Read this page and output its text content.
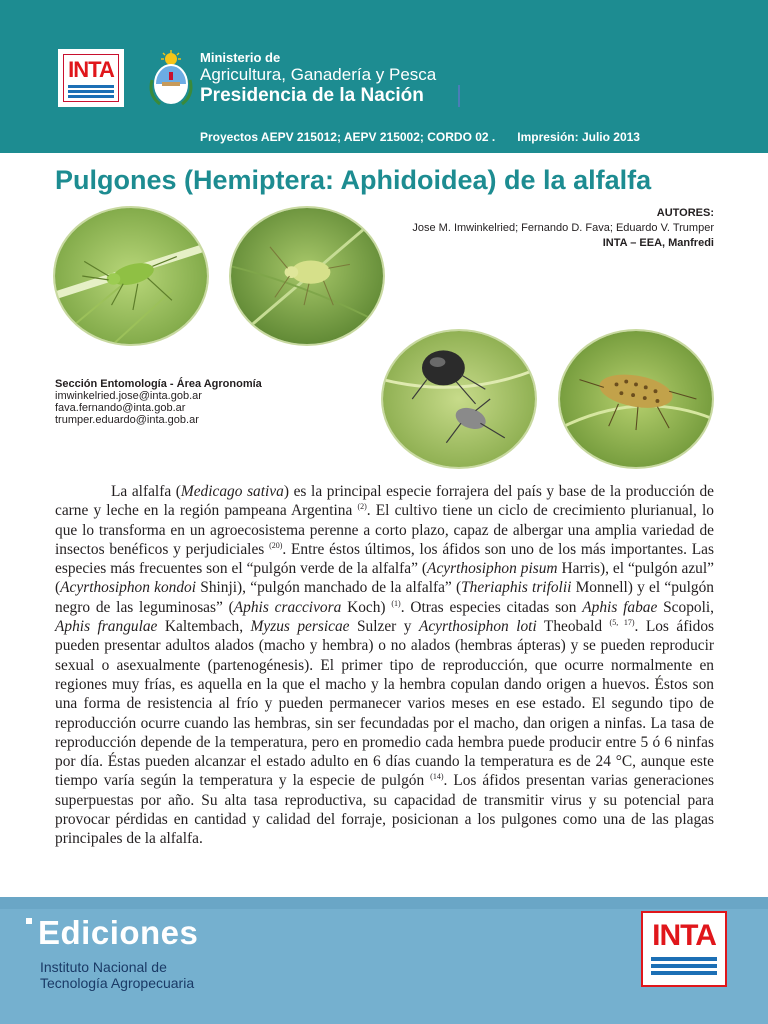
INTA	Ministerio de
Agricultura, Ganadería y Pesca
Presidencia de la Nación
Proyectos AEPV 215012; AEPV 215002; CORDO 02 . Impresión: Julio 2013
Pulgones (Hemiptera: Aphidoidea) de la alfalfa
AUTORES:
Jose M. Imwinkelried; Fernando D. Fava; Eduardo V. Trumper
INTA – EEA, Manfredi
Sección Entomología - Área Agronomía
imwinkelried.jose@inta.gob.ar
fava.fernando@inta.gob.ar
trumper.eduardo@inta.gob.ar

La alfalfa (Medicago sativa) es la principal especie forrajera del país y base de la producción de carne y leche en la región pampeana Argentina $^{(2)}$. El cultivo tiene un ciclo de crecimiento plurianual, lo que lo transforma en un agroecosistema perenne a corto plazo, capaz de albergar una amplia variedad de insectos benéficos y perjudiciales $^{(20)}$. Entre éstos últimos, los áfidos son uno de los más importantes. Las especies más frecuentes son el “pulgón verde de la alfalfa” (Acyrthosiphon pisum Harris), el “pulgón azul” (Acyrthosiphon kondoi Shinji), “pulgón manchado de la alfalfa” (Theriaphis trifolii Monnell) y el “pulgón negro de las leguminosas” (Aphis craccivora Koch) $^{(1)}$. Otras especies citadas son Aphis fabae Scopoli, Aphis frangulae Kaltembach, Myzus persicae Sulzer y Acyrthosiphon loti Theobald $^{(5, 17)}$. Los áfidos pueden presentar adultos alados (macho y hembra) o no alados (hembras ápteras) y se pueden reproducir sexual o asexualmente (partenogénesis). El primer tipo de reproducción, que ocurre normalmente en regiones muy frías, es aquella en la que el macho y la hembra copulan dando origen a huevos. Éstos son una forma de resistencia al frío y pueden permanecer varios meses en ese estado. El segundo tipo de reproducción ocurre cuando las hembras, sin ser fecundadas por el macho, dan origen a ninfas. La tasa de reproducción depende de la temperatura, pero en promedio cada hembra puede producir entre 5 ó 6 ninfas por día. Éstas pueden alcanzar el estado adulto en 6 días cuando la temperatura es de 24 °C, aunque este tiempo varía según la temperatura y la especie de pulgón $^{(14)}$. Los áfidos presentan varias generaciones superpuestas por año. Su alta tasa reproductiva, su capacidad de transmitir virus y su potencial para provocar pérdidas en cantidad y calidad del forraje, posicionan a los pulgones como una de las plagas principales de la alfalfa.

Ediciones
Instituto Nacional de
Tecnología Agropecuaria
INTA
